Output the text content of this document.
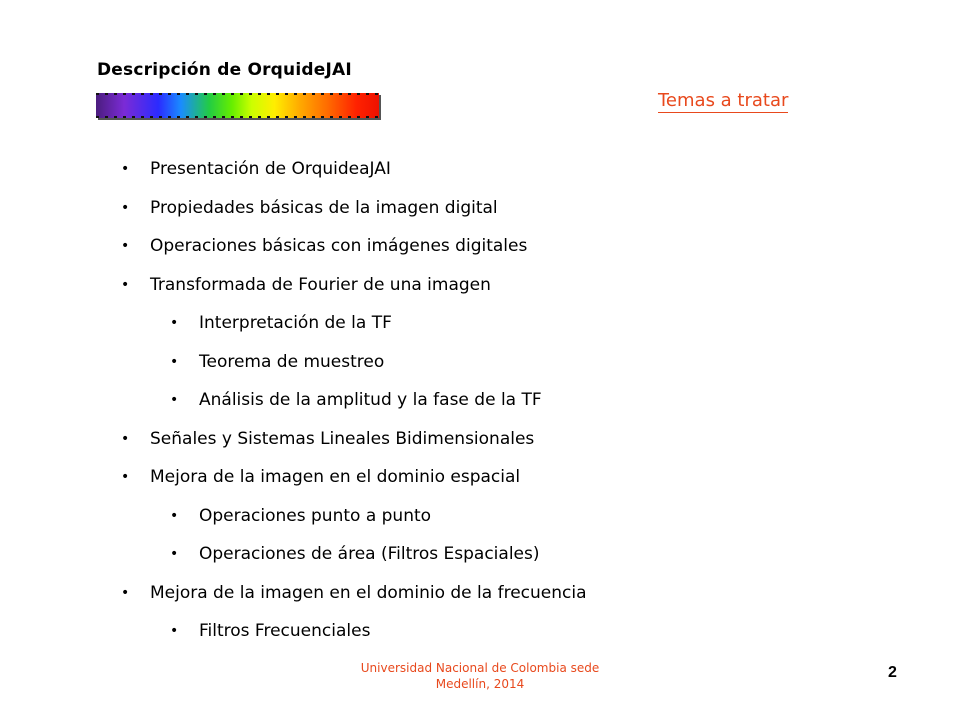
Descripción de OrquideJAI
Temas a tratar
• Presentación de OrquideaJAI
• Propiedades básicas de la imagen digital
• Operaciones básicas con imágenes digitales
• Transformada de Fourier de una imagen
• Interpretación de la TF
• Teorema de muestreo
• Análisis de la amplitud y la fase de la TF
• Señales y Sistemas Lineales Bidimensionales
• Mejora de la imagen en el dominio espacial
• Operaciones punto a punto
• Operaciones de área (Filtros Espaciales)
• Mejora de la imagen en el dominio de la frecuencia
• Filtros Frecuenciales
Universidad Nacional de Colombia sede
Medellín, 2014
2
